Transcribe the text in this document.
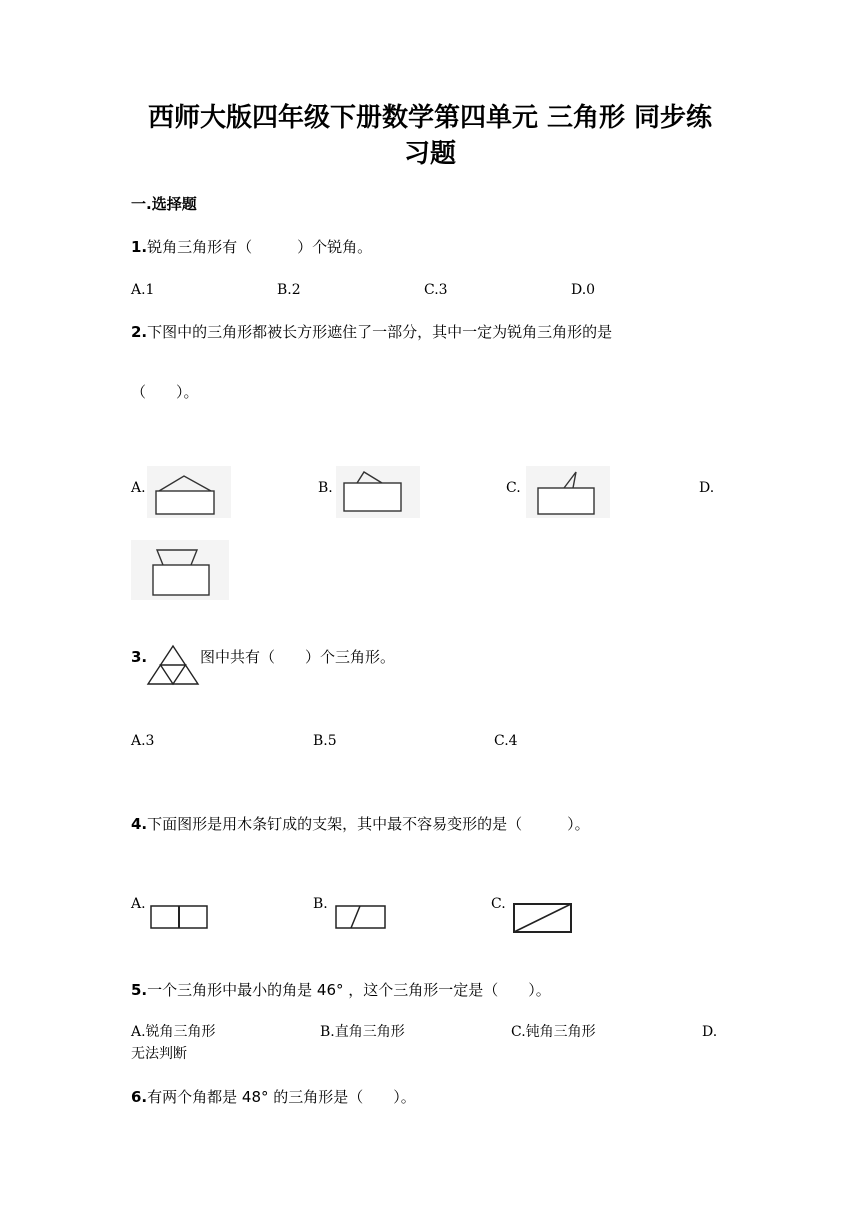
西师大版四年级下册数学第四单元 三角形 同步练
习题
一.选择题
1.锐角三角形有（　　　）个锐角。
A.1	B.2	C.3	D.0
2.下图中的三角形都被长方形遮住了一部分，其中一定为锐角三角形的是
（　　）。
A.	B.	C.	D.
3.	图中共有（　　）个三角形。
A.3	B.5	C.4
4.下面图形是用木条钉成的支架，其中最不容易变形的是（　　　）。
A.	B.	C.
5.一个三角形中最小的角是 46° ，这个三角形一定是（　　）。
A.锐角三角形	B.直角三角形	C.钝角三角形	D.
无法判断
6.有两个角都是 48° 的三角形是（　　）。
